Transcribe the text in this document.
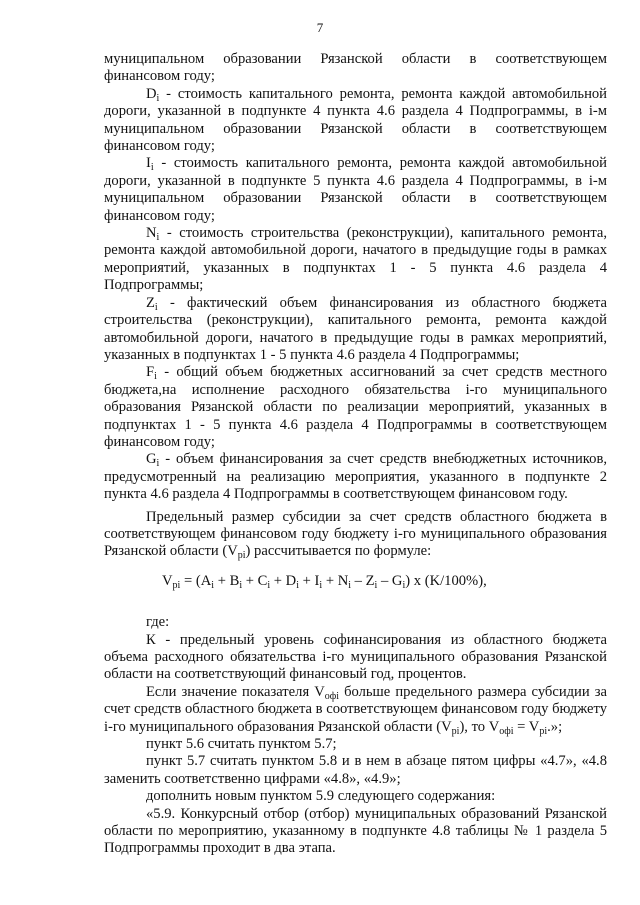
7

муниципальном образовании Рязанской области в соответствующем финансовом году;

$D_i$ - стоимость капитального ремонта, ремонта каждой автомобильной дороги, указанной в подпункте 4 пункта 4.6 раздела 4 Подпрограммы, в i-м муниципальном образовании Рязанской области в соответствующем финансовом году;

$I_i$ - стоимость капитального ремонта, ремонта каждой автомобильной дороги, указанной в подпункте 5 пункта 4.6 раздела 4 Подпрограммы, в i-м муниципальном образовании Рязанской области в соответствующем финансовом году;

$N_i$ - стоимость строительства (реконструкции), капитального ремонта, ремонта каждой автомобильной дороги, начатого в предыдущие годы в рамках мероприятий, указанных в подпунктах 1 - 5 пункта 4.6 раздела 4 Подпрограммы;

$Z_i$ - фактический объем финансирования из областного бюджета строительства (реконструкции), капитального ремонта, ремонта каждой автомобильной дороги, начатого в предыдущие годы в рамках мероприятий, указанных в подпунктах 1 - 5 пункта 4.6 раздела 4 Подпрограммы;

$F_i$ - общий объем бюджетных ассигнований за счет средств местного бюджета,на исполнение расходного обязательства i-го муниципального образования Рязанской области по реализации мероприятий, указанных в подпунктах 1 - 5 пункта 4.6 раздела 4 Подпрограммы в соответствующем финансовом году;

$G_i$ - объем финансирования за счет средств внебюджетных источников, предусмотренный на реализацию мероприятия, указанного в подпункте 2 пункта 4.6 раздела 4 Подпрограммы в соответствующем финансовом году.

Предельный размер субсидии за счет средств областного бюджета в соответствующем финансовом году бюджету i-го муниципального образования Рязанской области $(V_{pi})$ рассчитывается по формуле:

$V_{pi} = (A_i + B_i + C_i + D_i + I_i + N_i - Z_i - G_i)$ x (K/100%),

где:

К - предельный уровень софинансирования из областного бюджета объема расходного обязательства i-го муниципального образования Рязанской области на соответствующий финансовый год, процентов.

Если значение показателя $V_{офi}$ больше предельного размера субсидии за счет средств областного бюджета в соответствующем финансовом году бюджету i-го муниципального образования Рязанской области $(V_{pi})$, то $V_{офi} = V_{pi}$.»;

пункт 5.6 считать пунктом 5.7;

пункт 5.7 считать пунктом 5.8 и в нем в абзаце пятом цифры «4.7», «4.8 заменить соответственно цифрами «4.8», «4.9»;

дополнить новым пунктом 5.9 следующего содержания:

«5.9. Конкурсный отбор (отбор) муниципальных образований Рязанской области по мероприятию, указанному в подпункте 4.8 таблицы № 1 раздела 5 Подпрограммы проходит в два этапа.
